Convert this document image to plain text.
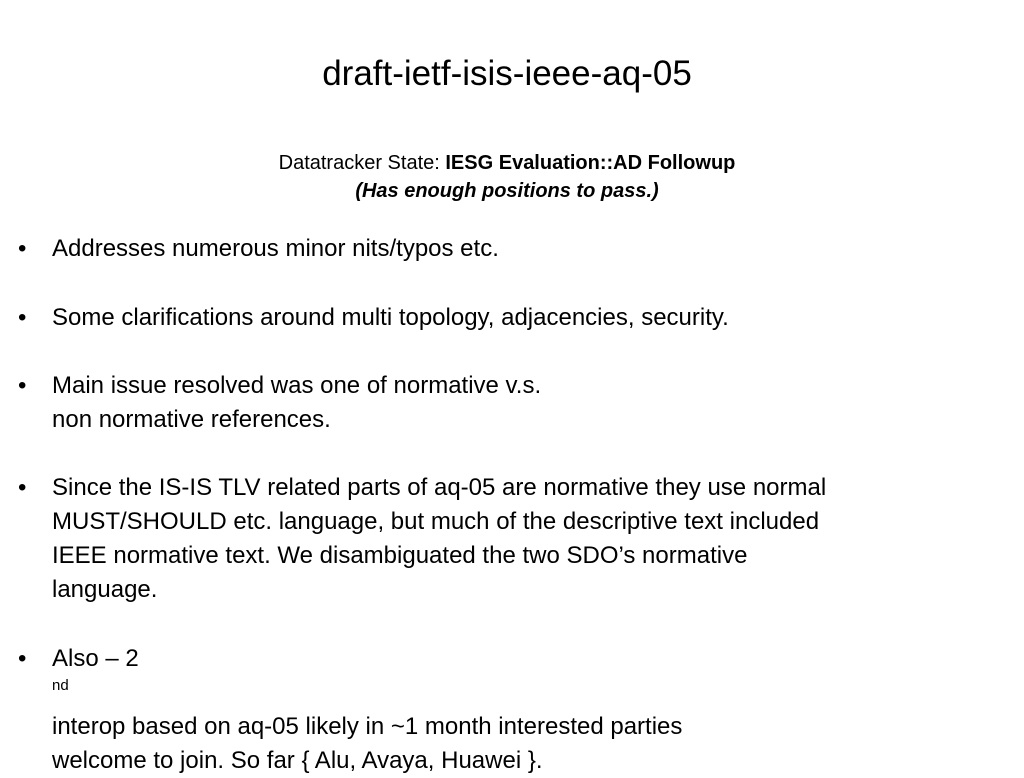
draft-ietf-isis-ieee-aq-05
Datatracker State: IESG Evaluation::AD Followup
(Has enough positions to pass.)
•	Addresses numerous minor nits/typos etc.
•	Some clarifications around multi topology, adjacencies, security.
•	Main issue resolved was one of normative v.s.
non normative references.
•	Since the IS-IS TLV related parts of aq-05 are normative they use normal
MUST/SHOULD etc. language, but much of the descriptive text included
IEEE normative text. We disambiguated the two SDO’s normative
language.
•	Also – 2
$^{nd}$
interop based on aq-05 likely in ~1 month interested parties
welcome to join. So far { Alu, Avaya, Huawei }.
